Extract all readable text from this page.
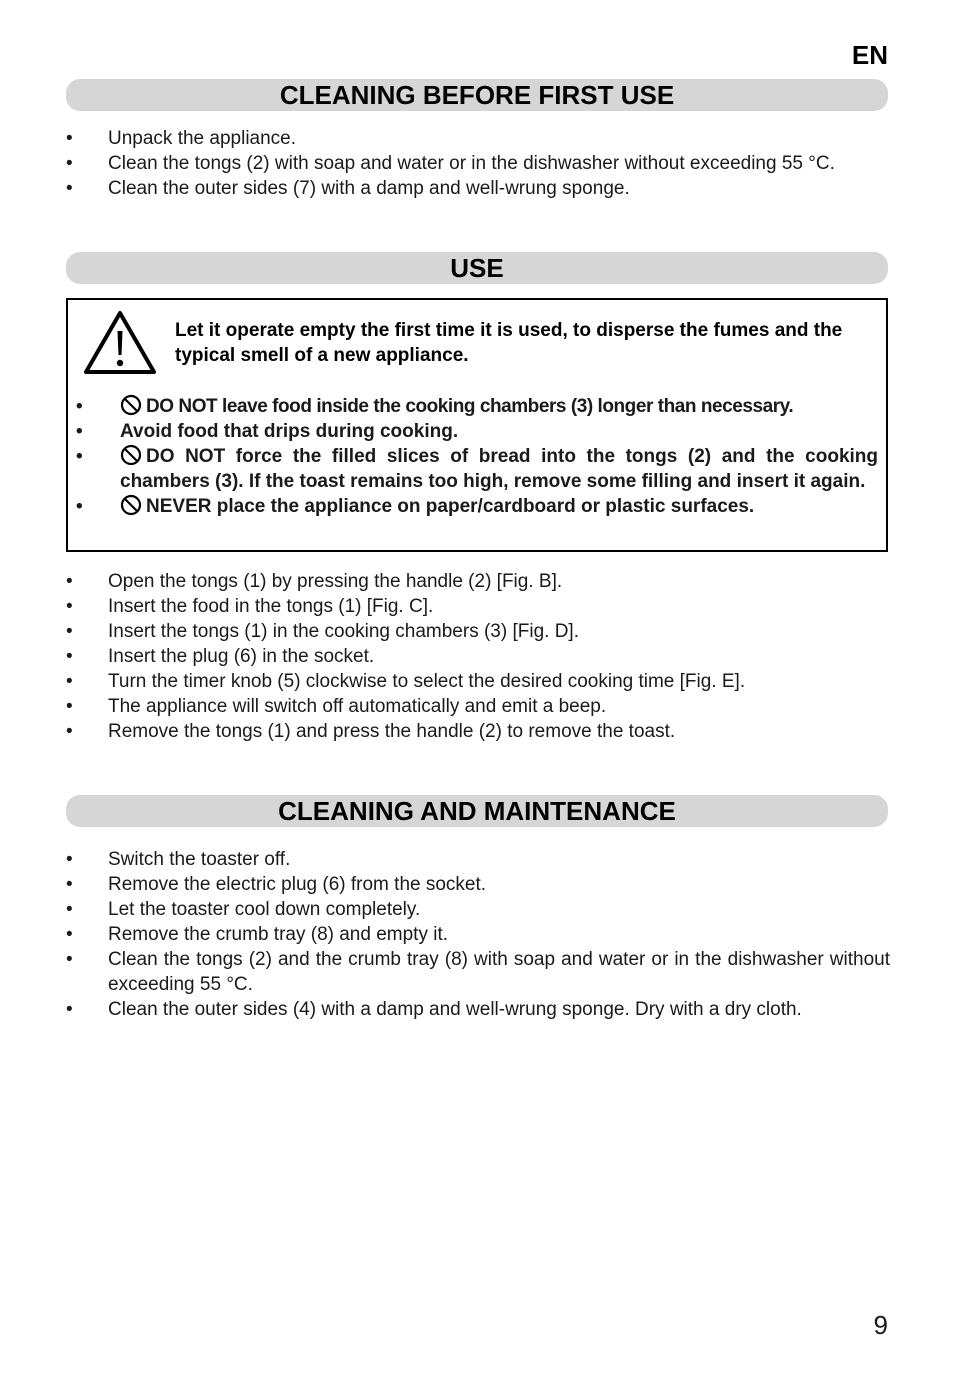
EN
CLEANING BEFORE FIRST USE
• Unpack the appliance.
• Clean the tongs (2) with soap and water or in the dishwasher without exceeding 55 °C.
• Clean the outer sides (7) with a damp and well-wrung sponge.
USE
Let it operate empty the first time it is used, to disperse the fumes and the typical smell of a new appliance.
•	DO NOT leave food inside the cooking chambers (3) longer than necessary.
• Avoid food that drips during cooking.
•	DO NOT force the filled slices of bread into the tongs (2) and the cooking chambers (3). If the toast remains too high, remove some filling and insert it again.
•	NEVER place the appliance on paper/cardboard or plastic surfaces.
• Open the tongs (1) by pressing the handle (2) [Fig. B].
• Insert the food in the tongs (1) [Fig. C].
• Insert the tongs (1) in the cooking chambers (3) [Fig. D].
• Insert the plug (6) in the socket.
• Turn the timer knob (5) clockwise to select the desired cooking time [Fig. E].
• The appliance will switch off automatically and emit a beep.
• Remove the tongs (1) and press the handle (2) to remove the toast.
CLEANING AND MAINTENANCE
• Switch the toaster off.
• Remove the electric plug (6) from the socket.
• Let the toaster cool down completely.
• Remove the crumb tray (8) and empty it.
• Clean the tongs (2) and the crumb tray (8) with soap and water or in the dishwasher without exceeding 55 °C.
• Clean the outer sides (4) with a damp and well-wrung sponge. Dry with a dry cloth.
9
